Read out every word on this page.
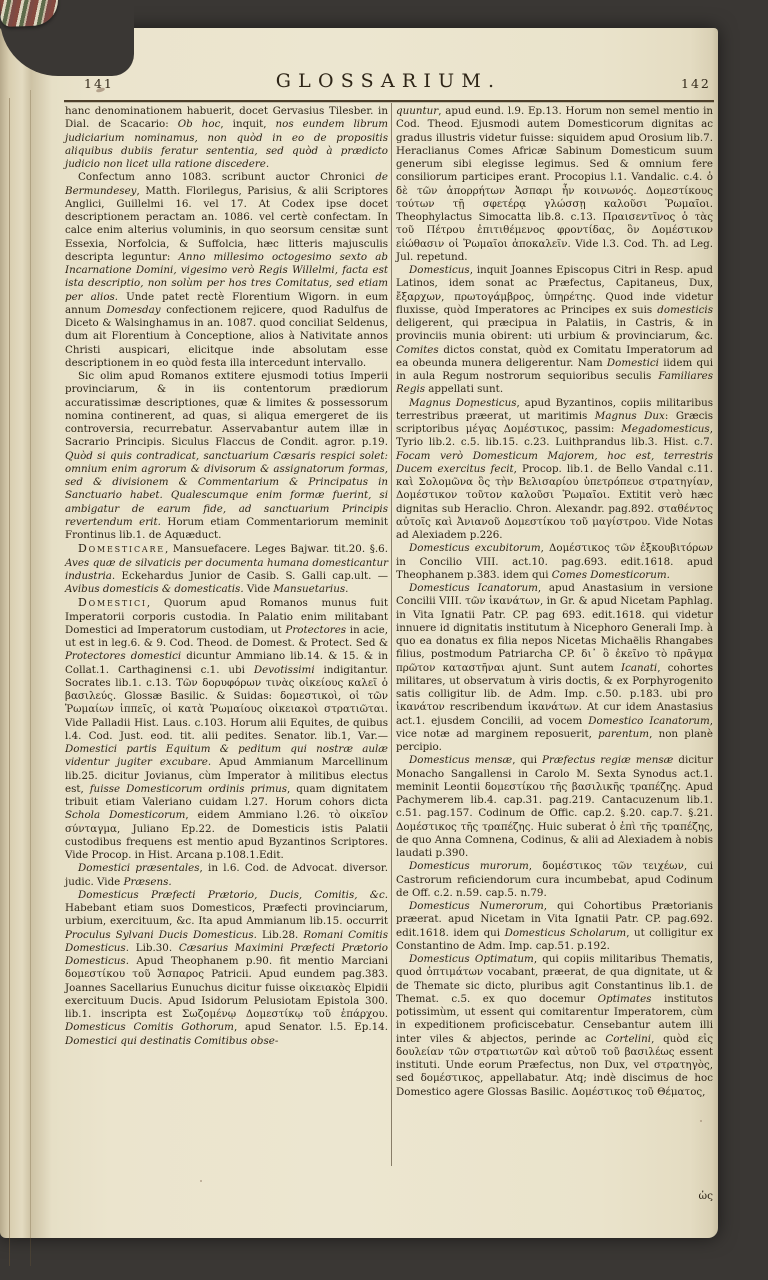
141	GLOSSARIUM.	142
hanc denominationem habuerit, docet Gervasius Tilesber. in Dial. de Scacario: Ob hoc, inquit, nos eundem librum judiciarium nominamus, non quòd in eo de propositis aliquibus dubiis feratur sententia, sed quòd à prædicto judicio non licet ulla ratione discedere.
Confectum anno 1083. scribunt auctor Chronici de Bermundesey, Matth. Florilegus, Parisius, & alii Scriptores Anglici, Guillelmi 16. vel 17. At Codex ipse docet descriptionem peractam an. 1086. vel certè confectam. In calce enim alterius voluminis, in quo seorsum censitæ sunt Essexia, Norfolcia, & Suffolcia, hæc litteris majusculis descripta leguntur: Anno millesimo octogesimo sexto ab Incarnatione Domini, vigesimo verò Regis Willelmi, facta est ista descriptio, non solùm per hos tres Comitatus, sed etiam per alios. Unde patet rectè Florentium Wigorn. in eum annum Domesday confectionem rejicere, quod Radulfus de Diceto & Walsinghamus in an. 1087. quod conciliat Seldenus, dum ait Florentium à Conceptione, alios à Nativitate annos Christi auspicari, elicitque inde absolutam esse descriptionem in eo quòd festa illa intercedunt intervallo.
Sic olim apud Romanos extitere ejusmodi totius Imperii provinciarum, & in iis contentorum prædiorum accuratissimæ descriptiones, quæ & limites & possessorum nomina continerent, ad quas, si aliqua emergeret de iis controversia, recurrebatur. Asservabantur autem illæ in Sacrario Principis. Siculus Flaccus de Condit. agror. p.19. Quòd si quis contradicat, sanctuarium Cæsaris respici solet: omnium enim agrorum & divisorum & assignatorum formas, sed & divisionem & Commentarium & Principatus in Sanctuario habet. Qualescumque enim formæ fuerint, si ambigatur de earum fide, ad sanctuarium Principis revertendum erit. Horum etiam Commentariorum meminit Frontinus lib.1. de Aquæduct.
Domesticare, Mansuefacere. Leges Bajwar. tit.20. §.6. Aves quæ de silvaticis per documenta humana domesticantur industria. Eckehardus Junior de Casib. S. Galli cap.ult. — Avibus domesticis & domesticatis. Vide Mansuetarius.
Domestici, Quorum apud Romanos munus fuit Imperatorii corporis custodia. In Palatio enim militabant Domestici ad Imperatorum custodiam, ut Protectores in acie, ut est in leg.6. & 9. Cod. Theod. de Domest. & Protect. Sed & Protectores domestici dicuntur Ammiano lib.14. & 15. & in Collat.1. Carthaginensi c.1. ubi Devotissimi indigitantur. Socrates lib.1. c.13. Τῶν δορυφόρων τινὰς οἰκείους καλεῖ ὁ βασιλεύς. Glossæ Basilic. & Suidas: δομεστικοὶ, οἱ τῶν Ῥωμαίων ἱππεῖς, οἱ κατὰ Ῥωμαίους οἰκειακοὶ στρατιῶται. Vide Palladii Hist. Laus. c.103. Horum alii Equites, de quibus l.4. Cod. Just. eod. tit. alii pedites. Senator. lib.1, Var.— Domestici partis Equitum & peditum qui nostræ aulæ videntur jugiter excubare. Apud Ammianum Marcellinum lib.25. dicitur Jovianus, cùm Imperator à militibus electus est, fuisse Domesticorum ordinis primus, quam dignitatem tribuit etiam Valeriano cuidam l.27. Horum cohors dicta Schola Domesticorum, eidem Ammiano l.26. τὸ οἰκεῖον σύνταγμα, Juliano Ep.22. de Domesticis istis Palatii custodibus frequens est mentio apud Byzantinos Scriptores. Vide Procop. in Hist. Arcana p.108.1.Edit.
Domestici præsentales, in l.6. Cod. de Advocat. diversor. judic. Vide Præsens.
Domesticus Præfecti Prætorio, Ducis, Comitis, &c. Habebant etiam suos Domesticos, Præfecti provinciarum, urbium, exercituum, &c. Ita apud Ammianum lib.15. occurrit Proculus Sylvani Ducis Domesticus. Lib.28. Romani Comitis Domesticus. Lib.30. Cæsarius Maximini Præfecti Prætorio Domesticus. Apud Theophanem p.90. fit mentio Marciani δομεστίκου τοῦ Ἄσπαρος Patricii. Apud eundem pag.383. Joannes Sacellarius Eunuchus dicitur fuisse οἰκειακὸς Elpidii exercituum Ducis. Apud Isidorum Pelusiotam Epistola 300. lib.1. inscripta est Σωζομένῳ Δομεστίκῳ τοῦ ἐπάρχου. Domesticus Comitis Gothorum, apud Senator. l.5. Ep.14. Domestici qui destinatis Comitibus obse-
quuntur, apud eund. l.9. Ep.13. Horum non semel mentio in Cod. Theod. Ejusmodi autem Domesticorum dignitas ac gradus illustris videtur fuisse: siquidem apud Orosium lib.7. Heraclianus Comes Africæ Sabinum Domesticum suum generum sibi elegisse legimus. Sed & omnium fere consiliorum participes erant. Procopius l.1. Vandalic. c.4. ὁ δὲ τῶν ἀπορρήτων Ἀσπαρι ἦν κοινωνός. Δομεστίκους τούτων τῇ σφετέρᾳ γλώσσῃ καλοῦσι Ῥωμαῖοι. Theophylactus Simocatta lib.8. c.13. Πραισεντῖνος ὁ τὰς τοῦ Πέτρου ἐπιτιθέμενος φροντίδας, ὃν Δομέστικον εἰώθασιν οἱ Ῥωμαῖοι ἀποκαλεῖν. Vide l.3. Cod. Th. ad Leg. Jul. repetund.
Domesticus, inquit Joannes Episcopus Citri in Resp. apud Latinos, idem sonat ac Præfectus, Capitaneus, Dux, ἔξαρχων, πρωτογάμβρος, ὑπηρέτης. Quod inde videtur fluxisse, quòd Imperatores ac Principes ex suis domesticis deligerent, qui præcipua in Palatiis, in Castris, & in provinciis munia obirent: uti urbium & provinciarum, &c. Comites dictos constat, quòd ex Comitatu Imperatorum ad ea obeunda munera deligerentur. Nam Domestici iidem qui in aula Regum nostrorum sequioribus seculis Familiares Regis appellati sunt.
Magnus Domesticus, apud Byzantinos, copiis militaribus terrestribus præerat, ut maritimis Magnus Dux: Græcis scriptoribus μέγας Δομέστικος, passim: Megadomesticus, Tyrio lib.2. c.5. lib.15. c.23. Luithprandus lib.3. Hist. c.7. Focam verò Domesticum Majorem, hoc est, terrestris Ducem exercitus fecit, Procop. lib.1. de Bello Vandal c.11. καὶ Σολομῶνα ὃς τὴν Βελισαρίου ὑπετρόπευε στρατηγίαν, Δομέστικον τοῦτον καλοῦσι Ῥωμαῖοι. Extitit verò hæc dignitas sub Heraclio. Chron. Alexandr. pag.892. σταθέντος αὐτοῖς καὶ Ἀνιανοῦ Δομεστίκου τοῦ μαγίστρου. Vide Notas ad Alexiadem p.226.
Domesticus excubitorum, Δομέστικος τῶν ἐξκουβιτόρων in Concilio VIII. act.10. pag.693. edit.1618. apud Theophanem p.383. idem qui Comes Domesticorum.
Domesticus Icanatorum, apud Anastasium in versione Concilii VIII. τῶν ἱκανάτων, in Gr. & apud Nicetam Paphlag. in Vita Ignatii Patr. CP. pag 693. edit.1618. qui videtur innuere id dignitatis institutum à Nicephoro Generali Imp. à quo ea donatus ex filia nepos Nicetas Michaëlis Rhangabes filius, postmodum Patriarcha CP. δι᾽ ὃ ἐκεῖνο τὸ πρᾶγμα πρῶτον καταστῆναι ajunt. Sunt autem Icanati, cohortes militares, ut observatum à viris doctis, & ex Porphyrogenito satis colligitur lib. de Adm. Imp. c.50. p.183. ubi pro ἱκανάτον rescribendum ἱκανάτων. At cur idem Anastasius act.1. ejusdem Concilii, ad vocem Domestico Icanatorum, vice notæ ad marginem reposuerit, parentum, non planè percipio.
Domesticus mensæ, qui Præfectus regiæ mensæ dicitur Monacho Sangallensi in Carolo M. Sexta Synodus act.1. meminit Leontii δομεστίκου τῆς βασιλικῆς τραπέζης. Apud Pachymerem lib.4. cap.31. pag.219. Cantacuzenum lib.1. c.51. pag.157. Codinum de Offic. cap.2. §.20. cap.7. §.21. Δομέστικος τῆς τραπέζης. Huic suberat ὁ ἐπὶ τῆς τραπέζης, de quo Anna Comnena, Codinus, & alii ad Alexiadem à nobis laudati p.390.
Domesticus murorum, δομέστικος τῶν τειχέων, cui Castrorum reficiendorum cura incumbebat, apud Codinum de Off. c.2. n.59. cap.5. n.79.
Domesticus Numerorum, qui Cohortibus Prætorianis præerat. apud Nicetam in Vita Ignatii Patr. CP. pag.692. edit.1618. idem qui Domesticus Scholarum, ut colligitur ex Constantino de Adm. Imp. cap.51. p.192.
Domesticus Optimatum, qui copiis militaribus Thematis, quod ὀπτιμάτων vocabant, præerat, de qua dignitate, ut & de Themate sic dicto, pluribus agit Constantinus lib.1. de Themat. c.5. ex quo docemur Optimates institutos potissimùm, ut essent qui comitarentur Imperatorem, cùm in expeditionem proficiscebatur. Censebantur autem illi inter viles & abjectos, perinde ac Cortelini, quòd εἰς δουλείαν τῶν στρατιωτῶν καὶ αὐτοῦ τοῦ βασιλέως essent instituti. Unde eorum Præfectus, non Dux, vel στρατηγὸς, sed δομέστικος, appellabatur. Atq; indè discimus de hoc Domestico agere Glossas Basilic. Δομέστικος τοῦ Θέματος,
ὡς
